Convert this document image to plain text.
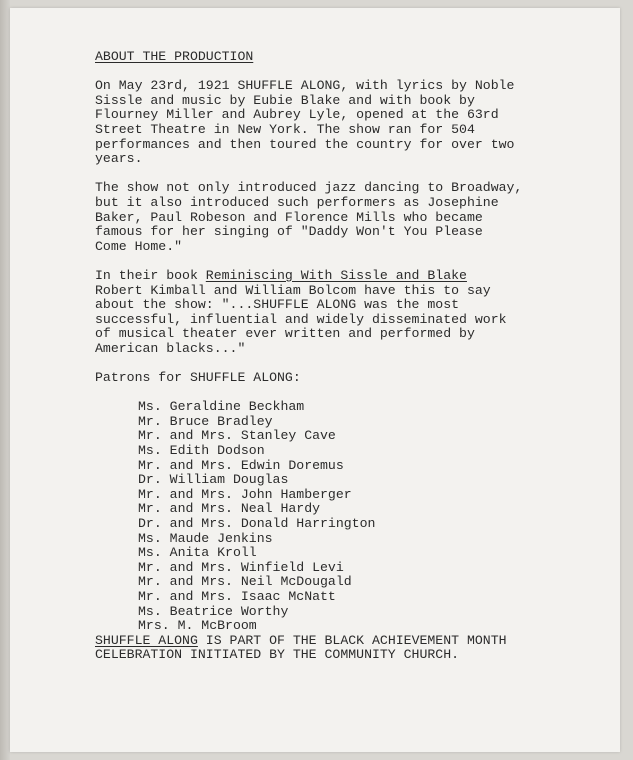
ABOUT THE PRODUCTION
On May 23rd, 1921 SHUFFLE ALONG, with lyrics by Noble
Sissle and music by Eubie Blake and with book by
Flourney Miller and Aubrey Lyle, opened at the 63rd
Street Theatre in New York. The show ran for 504
performances and then toured the country for over two
years.
The show not only introduced jazz dancing to Broadway,
but it also introduced such performers as Josephine
Baker, Paul Robeson and Florence Mills who became
famous for her singing of "Daddy Won't You Please
Come Home."
In their book Reminiscing With Sissle and Blake
Robert Kimball and William Bolcom have this to say
about the show: "...SHUFFLE ALONG was the most
successful, influential and widely disseminated work
of musical theater ever written and performed by
American blacks..."
Patrons for SHUFFLE ALONG:
Ms. Geraldine Beckham
Mr. Bruce Bradley
Mr. and Mrs. Stanley Cave
Ms. Edith Dodson
Mr. and Mrs. Edwin Doremus
Dr. William Douglas
Mr. and Mrs. John Hamberger
Mr. and Mrs. Neal Hardy
Dr. and Mrs. Donald Harrington
Ms. Maude Jenkins
Ms. Anita Kroll
Mr. and Mrs. Winfield Levi
Mr. and Mrs. Neil McDougald
Mr. and Mrs. Isaac McNatt
Ms. Beatrice Worthy
Mrs. M. McBroom
SHUFFLE ALONG IS PART OF THE BLACK ACHIEVEMENT MONTH
CELEBRATION INITIATED BY THE COMMUNITY CHURCH.
